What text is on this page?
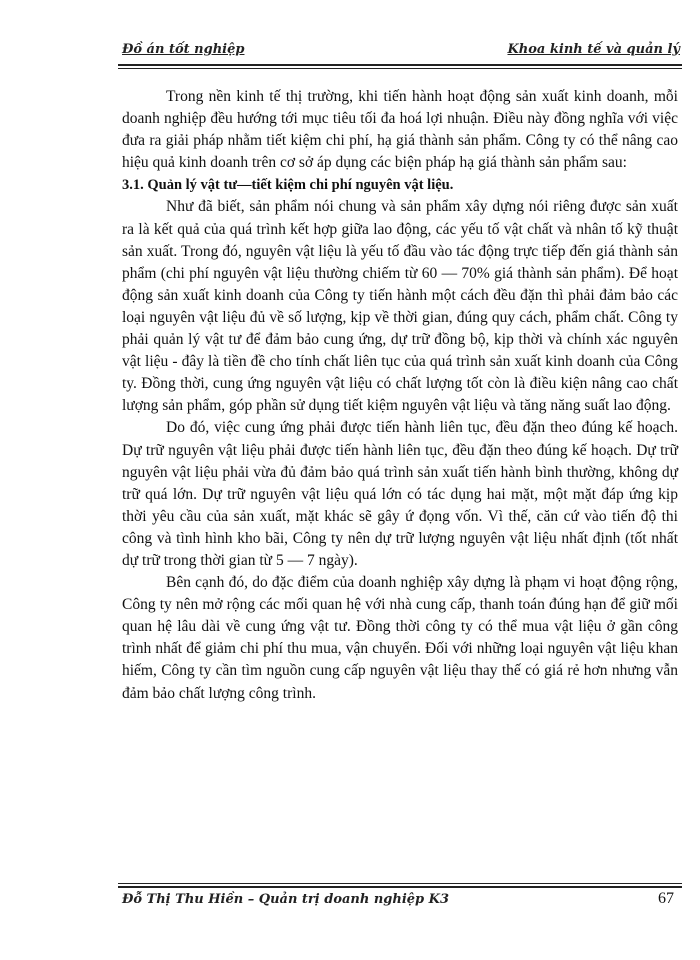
Đồ án tốt nghiệp	Khoa kinh tế và quản lý

Trong nền kinh tế thị trường, khi tiến hành hoạt động sản xuất kinh doanh, mỗi doanh nghiệp đều hướng tới mục tiêu tối đa hoá lợi nhuận. Điều này đồng nghĩa với việc đưa ra giải pháp nhằm tiết kiệm chi phí, hạ giá thành sản phẩm. Công ty có thể nâng cao hiệu quả kinh doanh trên cơ sở áp dụng các biện pháp hạ giá thành sản phẩm sau:

3.1. Quản lý vật tư—tiết kiệm chi phí nguyên vật liệu.

Như đã biết, sản phẩm nói chung và sản phẩm xây dựng nói riêng được sản xuất ra là kết quả của quá trình kết hợp giữa lao động, các yếu tố vật chất và nhân tố kỹ thuật sản xuất. Trong đó, nguyên vật liệu là yếu tố đầu vào tác động trực tiếp đến giá thành sản phẩm (chi phí nguyên vật liệu thường chiếm từ 60 — 70% giá thành sản phẩm). Để hoạt động sản xuất kinh doanh của Công ty tiến hành một cách đều đặn thì phải đảm bảo các loại nguyên vật liệu đủ về số lượng, kịp về thời gian, đúng quy cách, phẩm chất. Công ty phải quản lý vật tư để đảm bảo cung ứng, dự trữ đồng bộ, kịp thời và chính xác nguyên vật liệu - đây là tiền đề cho tính chất liên tục của quá trình sản xuất kinh doanh của Công ty. Đồng thời, cung ứng nguyên vật liệu có chất lượng tốt còn là điều kiện nâng cao chất lượng sản phẩm, góp phần sử dụng tiết kiệm nguyên vật liệu và tăng năng suất lao động.

Do đó, việc cung ứng phải được tiến hành liên tục, đều đặn theo đúng kế hoạch. Dự trữ nguyên vật liệu phải được tiến hành liên tục, đều đặn theo đúng kế hoạch. Dự trữ nguyên vật liệu phải vừa đủ đảm bảo quá trình sản xuất tiến hành bình thường, không dự trữ quá lớn. Dự trữ nguyên vật liệu quá lớn có tác dụng hai mặt, một mặt đáp ứng kịp thời yêu cầu của sản xuất, mặt khác sẽ gây ứ đọng vốn. Vì thế, căn cứ vào tiến độ thi công và tình hình kho bãi, Công ty nên dự trữ lượng nguyên vật liệu nhất định (tốt nhất dự trữ trong thời gian từ 5 — 7 ngày).

Bên cạnh đó, do đặc điểm của doanh nghiệp xây dựng là phạm vi hoạt động rộng, Công ty nên mở rộng các mối quan hệ với nhà cung cấp, thanh toán đúng hạn để giữ mối quan hệ lâu dài về cung ứng vật tư. Đồng thời công ty có thể mua vật liệu ở gần công trình nhất để giảm chi phí thu mua, vận chuyển. Đối với những loại nguyên vật liệu khan hiếm, Công ty cần tìm nguồn cung cấp nguyên vật liệu thay thế có giá rẻ hơn nhưng vẫn đảm bảo chất lượng công trình.

Đỗ Thị Thu Hiền – Quản trị doanh nghiệp K3	67
